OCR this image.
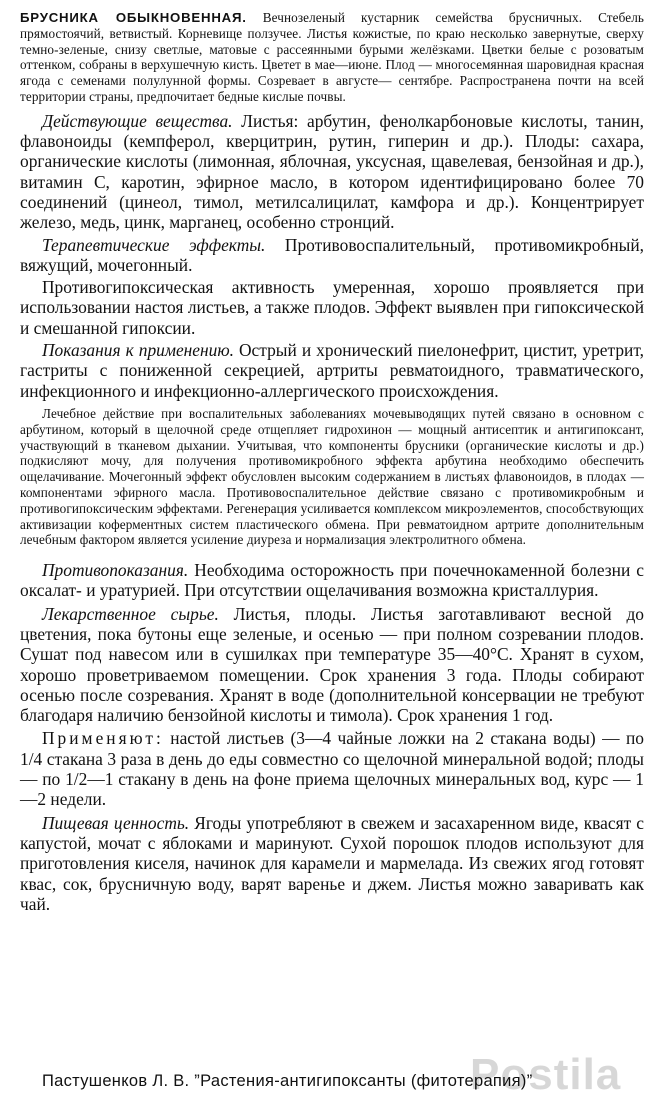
БРУСНИКА ОБЫКНОВЕННАЯ. Вечнозеленый кустарник семейства брусничных. Стебель прямостоячий, ветвистый. Корневище ползучее. Листья кожистые, по краю несколько завернутые, сверху темно-зеленые, снизу светлые, матовые с рассеянными бурыми желёзками. Цветки белые с розоватым оттенком, собраны в верхушечную кисть. Цветет в мае—июне. Плод — многосемянная шаровидная красная ягода с семенами полулунной формы. Созревает в августе— сентябре. Распространена почти на всей территории страны, предпочитает бедные кислые почвы.

Действующие вещества. Листья: арбутин, фенолкарбоновые кислоты, танин, флавоноиды (кемпферол, кверцитрин, рутин, гиперин и др.). Плоды: сахара, органические кислоты (лимонная, яблочная, уксусная, щавелевая, бензойная и др.), витамин С, каротин, эфирное масло, в котором идентифицировано более 70 соединений (цинеол, тимол, метилсалицилат, камфора и др.). Концентрирует железо, медь, цинк, марганец, особенно стронций.

Терапевтические эффекты. Противовоспалительный, противомикробный, вяжущий, мочегонный.

Противогипоксическая активность умеренная, хорошо проявляется при использовании настоя листьев, а также плодов. Эффект выявлен при гипоксической и смешанной гипоксии.

Показания к применению. Острый и хронический пиелонефрит, цистит, уретрит, гастриты с пониженной секрецией, артриты ревматоидного, травматического, инфекционного и инфекционно-аллергического происхождения.

Лечебное действие при воспалительных заболеваниях мочевыводящих путей связано в основном с арбутином, который в щелочной среде отщепляет гидрохинон — мощный антисептик и антигипоксант, участвующий в тканевом дыхании. Учитывая, что компоненты брусники (органические кислоты и др.) подкисляют мочу, для получения противомикробного эффекта арбутина необходимо обеспечить ощелачивание. Мочегонный эффект обусловлен высоким содержанием в листьях флавоноидов, в плодах — компонентами эфирного масла. Противовоспалительное действие связано с противомикробным и противогипоксическим эффектами. Регенерация усиливается комплексом микроэлементов, способствующих активизации коферментных систем пластического обмена. При ревматоидном артрите дополнительным лечебным фактором является усиление диуреза и нормализация электролитного обмена.

Противопоказания. Необходима осторожность при почечнокаменной болезни с оксалат- и уратурией. При отсутствии ощелачивания возможна кристаллурия.

Лекарственное сырье. Листья, плоды. Листья заготавливают весной до цветения, пока бутоны еще зеленые, и осенью — при полном созревании плодов. Сушат под навесом или в сушилках при температуре 35—40°С. Хранят в сухом, хорошо проветриваемом помещении. Срок хранения 3 года. Плоды собирают осенью после созревания. Хранят в воде (дополнительной консервации не требуют благодаря наличию бензойной кислоты и тимола). Срок хранения 1 год.

Применяют: настой листьев (3—4 чайные ложки на 2 стакана воды) — по 1/4 стакана 3 раза в день до еды совместно со щелочной минеральной водой; плоды — по 1/2—1 стакану в день на фоне приема щелочных минеральных вод, курс — 1—2 недели.

Пищевая ценность. Ягоды употребляют в свежем и засахаренном виде, квасят с капустой, мочат с яблоками и маринуют. Сухой порошок плодов используют для приготовления киселя, начинок для карамели и мармелада. Из свежих ягод готовят квас, сок, брусничную воду, варят варенье и джем. Листья можно заваривать как чай.

Postila
Пастушенков Л. В. ”Растения-антигипоксанты (фитотерапия)”
